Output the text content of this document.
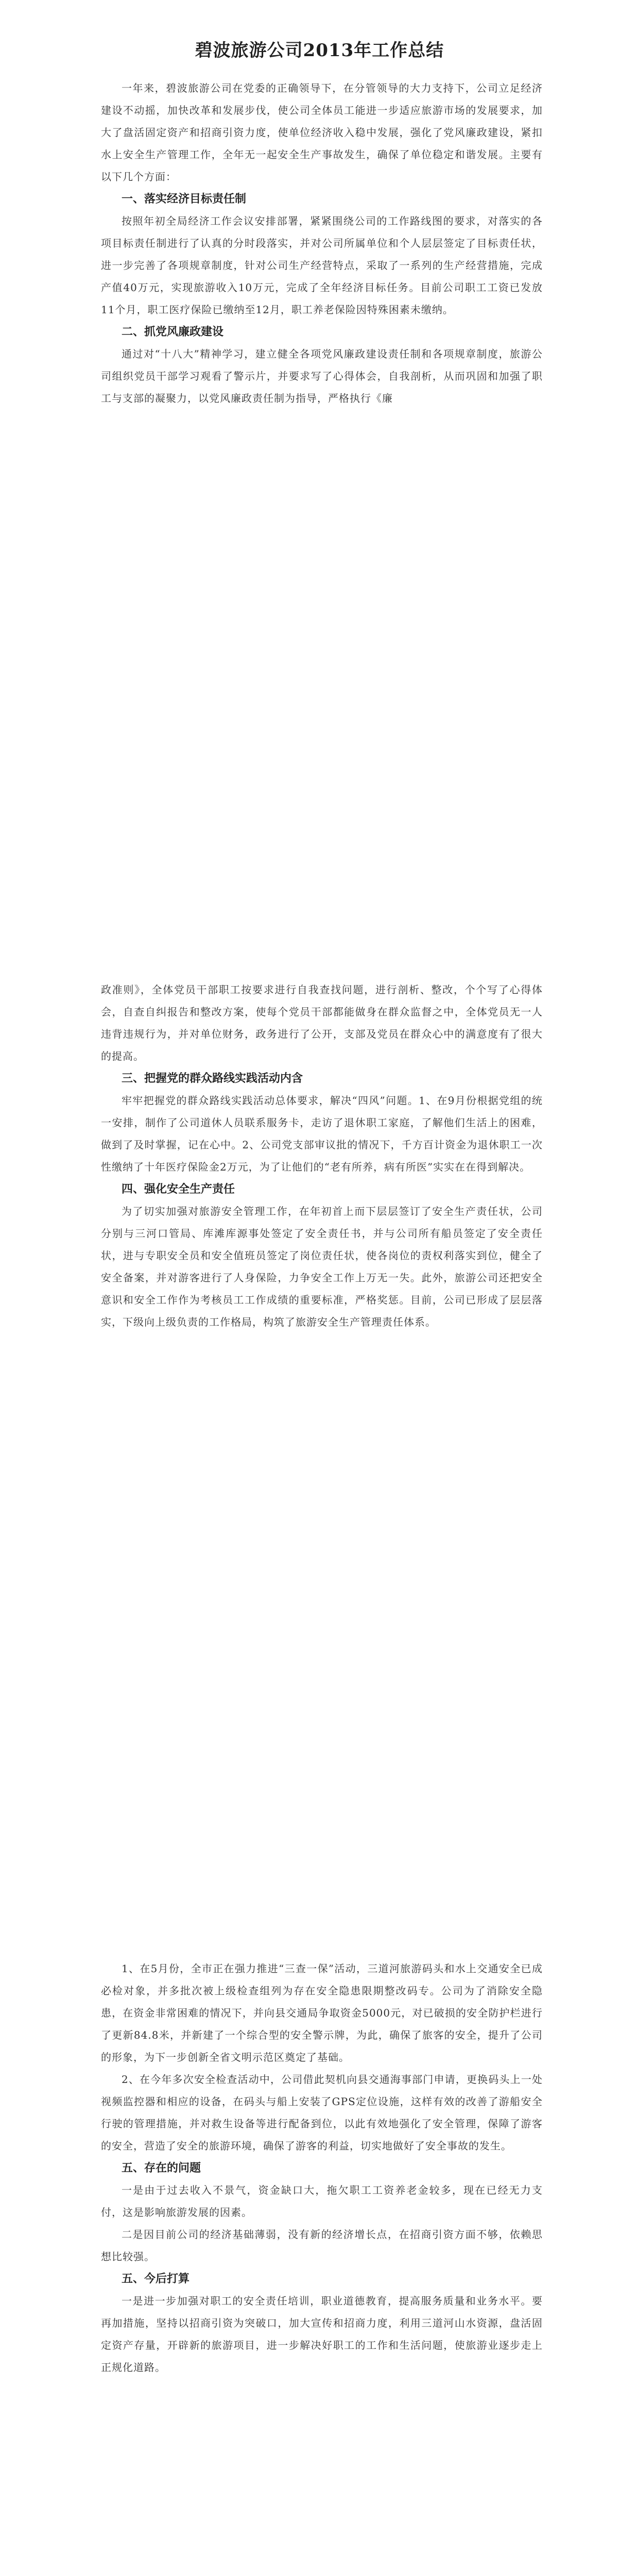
碧波旅游公司2013年工作总结

一年来，碧波旅游公司在党委的正确领导下，在分管领导的大力支持下，公司立足经济建设不动摇，加快改革和发展步伐，使公司全体员工能进一步适应旅游市场的发展要求，加大了盘活固定资产和招商引资力度，使单位经济收入稳中发展，强化了党风廉政建设，紧扣水上安全生产管理工作，全年无一起安全生产事故发生，确保了单位稳定和谐发展。主要有以下几个方面：

一、落实经济目标责任制

按照年初全局经济工作会议安排部署，紧紧围绕公司的工作路线图的要求，对落实的各项目标责任制进行了认真的分时段落实，并对公司所属单位和个人层层签定了目标责任状，进一步完善了各项规章制度，针对公司生产经营特点，采取了一系列的生产经营措施，完成产值40万元，实现旅游收入10万元，完成了全年经济目标任务。目前公司职工工资已发放11个月，职工医疗保险已缴纳至12月，职工养老保险因特殊困素未缴纳。

二、抓党风廉政建设

通过对“十八大”精神学习，建立健全各项党风廉政建设责任制和各项规章制度，旅游公司组织党员干部学习观看了警示片，并要求写了心得体会，自我剖析，从而巩固和加强了职工与支部的凝聚力，以党风廉政责任制为指导，严格执行《廉

政准则》，全体党员干部职工按要求进行自我查找问题，进行剖析、整改，个个写了心得体会，自查自纠报告和整改方案，使每个党员干部都能做身在群众监督之中，全体党员无一人违背违规行为，并对单位财务，政务进行了公开，支部及党员在群众心中的满意度有了很大的提高。

三、把握党的群众路线实践活动内含

牢牢把握党的群众路线实践活动总体要求，解决“四风”问题。1、在9月份根据党组的统一安排，制作了公司道休人员联系服务卡，走访了退休职工家庭，了解他们生活上的困难，做到了及时掌握，记在心中。2、公司党支部审议批的情况下，千方百计资金为退休职工一次性缴纳了十年医疗保险金2万元，为了让他们的“老有所养，病有所医”实实在在得到解决。

四、强化安全生产责任

为了切实加强对旅游安全管理工作，在年初首上而下层层签订了安全生产责任状，公司分别与三河口管局、库滩库源事处签定了安全责任书，并与公司所有船员签定了安全责任状，进与专职安全员和安全值班员签定了岗位责任状，使各岗位的责权利落实到位，健全了安全备案，并对游客进行了人身保险，力争安全工作上万无一失。此外，旅游公司还把安全意识和安全工作作为考核员工工作成绩的重要标准，严格奖惩。目前，公司已形成了层层落实，下级向上级负责的工作格局，构筑了旅游安全生产管理责任体系。

1、在5月份，全市正在强力推进“三查一保”活动，三道河旅游码头和水上交通安全已成必检对象，并多批次被上级检查组列为存在安全隐患限期整改码专。公司为了消除安全隐患，在资金非常困难的情况下，并向县交通局争取资金5000元，对已破损的安全防护栏进行了更新84.8米，并新建了一个综合型的安全警示牌，为此，确保了旅客的安全，提升了公司的形象，为下一步创新全省文明示范区奠定了基础。

2、在今年多次安全检查活动中，公司借此契机向县交通海事部门申请，更换码头上一处视频监控器和相应的设备，在码头与船上安装了GPS定位设施，这样有效的改善了游船安全行驶的管理措施，并对救生设备等进行配备到位，以此有效地强化了安全管理，保障了游客的安全，营造了安全的旅游环境，确保了游客的利益，切实地做好了安全事故的发生。

五、存在的问题

一是由于过去收入不景气，资金缺口大，拖欠职工工资养老金较多，现在已经无力支付，这是影响旅游发展的因素。

二是因目前公司的经济基础薄弱，没有新的经济增长点，在招商引资方面不够，依赖思想比较强。

五、今后打算

一是进一步加强对职工的安全责任培训，职业道德教育，提高服务质量和业务水平。要再加措施，坚持以招商引资为突破口，加大宣传和招商力度，利用三道河山水资源，盘活固定资产存量，开辟新的旅游项目，进一步解决好职工的工作和生活问题，使旅游业逐步走上正规化道路。
